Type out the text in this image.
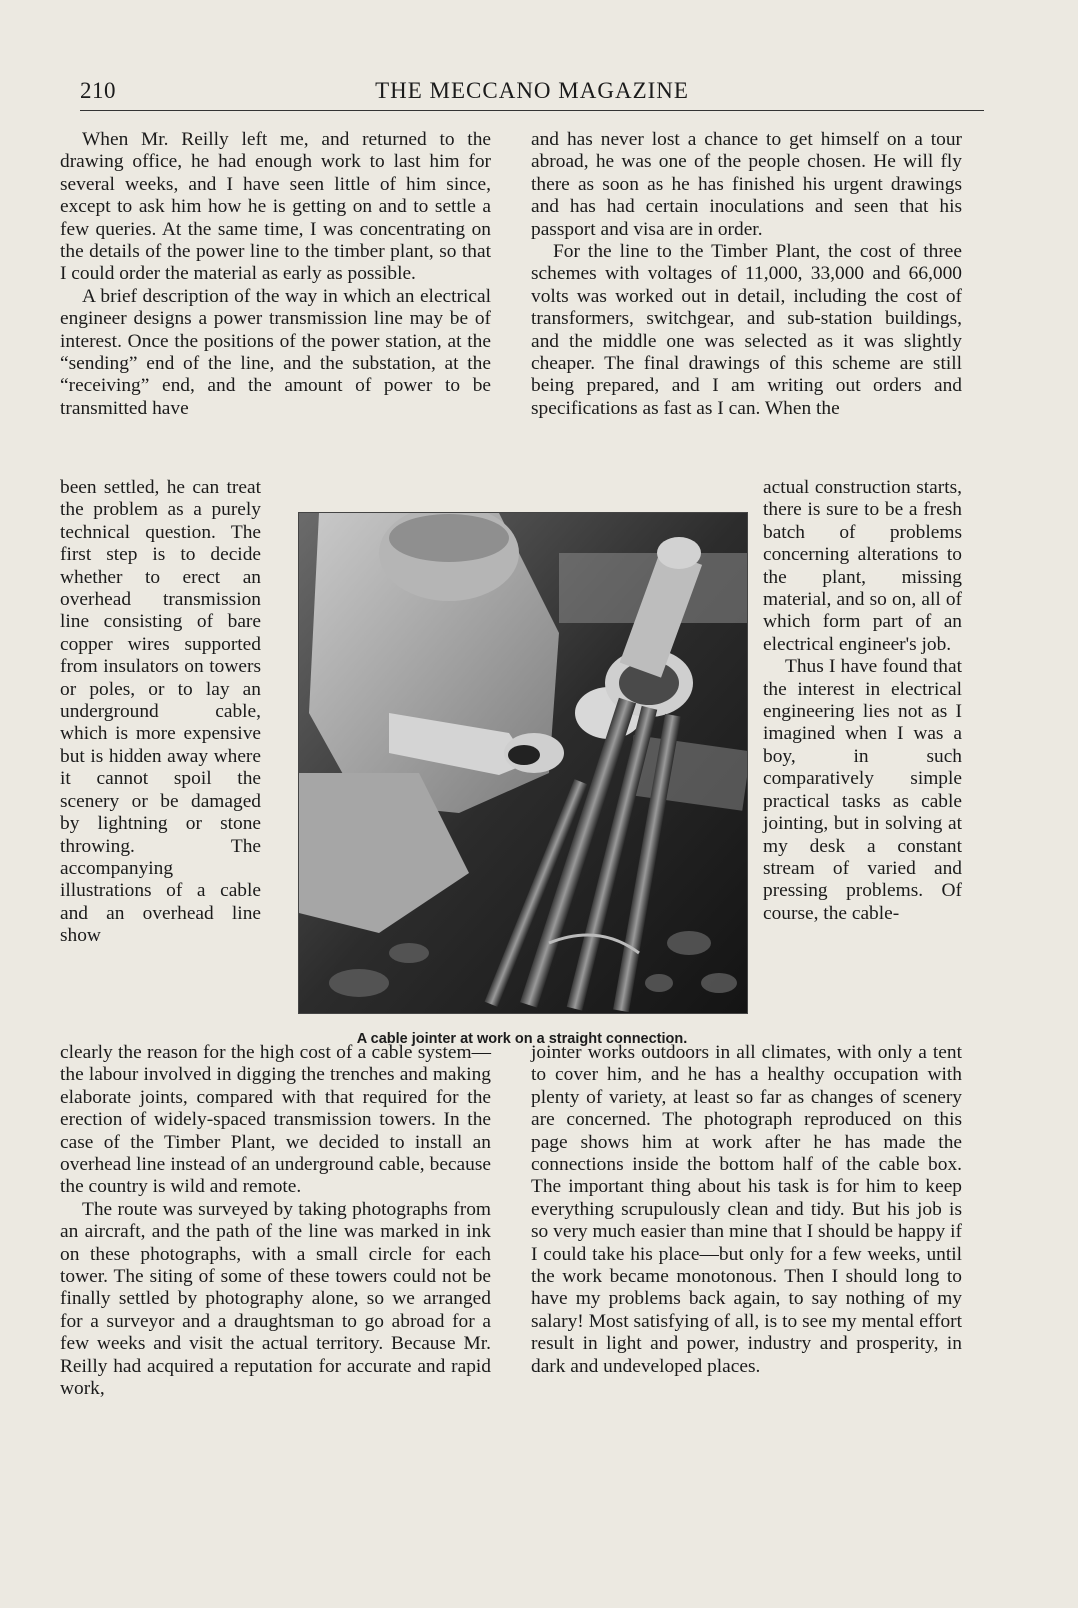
210	THE MECCANO MAGAZINE

When Mr. Reilly left me, and returned to the drawing office, he had enough work to last him for several weeks, and I have seen little of him since, except to ask him how he is getting on and to settle a few queries. At the same time, I was concentrating on the details of the power line to the timber plant, so that I could order the material as early as possible.

A brief description of the way in which an electrical engineer designs a power transmission line may be of interest. Once the positions of the power station, at the “sending” end of the line, and the substation, at the “receiving” end, and the amount of power to be transmitted have

been settled, he can treat the problem as a purely technical question. The first step is to decide whether to erect an overhead transmission line consisting of bare copper wires supported from insulators on towers or poles, or to lay an underground cable, which is more expensive but is hidden away where it cannot spoil the scenery or be damaged by lightning or stone throwing. The accompanying illustrations of a cable and an overhead line show

clearly the reason for the high cost of a cable system—the labour involved in digging the trenches and making elaborate joints, compared with that required for the erection of widely-spaced transmission towers. In the case of the Timber Plant, we decided to install an overhead line instead of an underground cable, because the country is wild and remote.

The route was surveyed by taking photographs from an aircraft, and the path of the line was marked in ink on these photographs, with a small circle for each tower. The siting of some of these towers could not be finally settled by photography alone, so we arranged for a surveyor and a draughtsman to go abroad for a few weeks and visit the actual territory. Because Mr. Reilly had acquired a reputation for accurate and rapid work,

and has never lost a chance to get himself on a tour abroad, he was one of the people chosen. He will fly there as soon as he has finished his urgent drawings and has had certain inoculations and seen that his passport and visa are in order.

For the line to the Timber Plant, the cost of three schemes with voltages of 11,000, 33,000 and 66,000 volts was worked out in detail, including the cost of transformers, switchgear, and sub-station buildings, and the middle one was selected as it was slightly cheaper. The final drawings of this scheme are still being prepared, and I am writing out orders and specifications as fast as I can. When the

actual construction starts, there is sure to be a fresh batch of problems concerning alterations to the plant, missing material, and so on, all of which form part of an electrical engineer's job.

Thus I have found that the interest in electrical engineering lies not as I imagined when I was a boy, in such comparatively simple practical tasks as cable jointing, but in solving at my desk a constant stream of varied and pressing problems. Of course, the cable-

jointer works outdoors in all climates, with only a tent to cover him, and he has a healthy occupation with plenty of variety, at least so far as changes of scenery are concerned. The photograph reproduced on this page shows him at work after he has made the connections inside the bottom half of the cable box. The important thing about his task is for him to keep everything scrupulously clean and tidy. But his job is so very much easier than mine that I should be happy if I could take his place—but only for a few weeks, until the work became monotonous. Then I should long to have my problems back again, to say nothing of my salary! Most satisfying of all, is to see my mental effort result in light and power, industry and prosperity, in dark and undeveloped places.

A cable jointer at work on a straight connection.
